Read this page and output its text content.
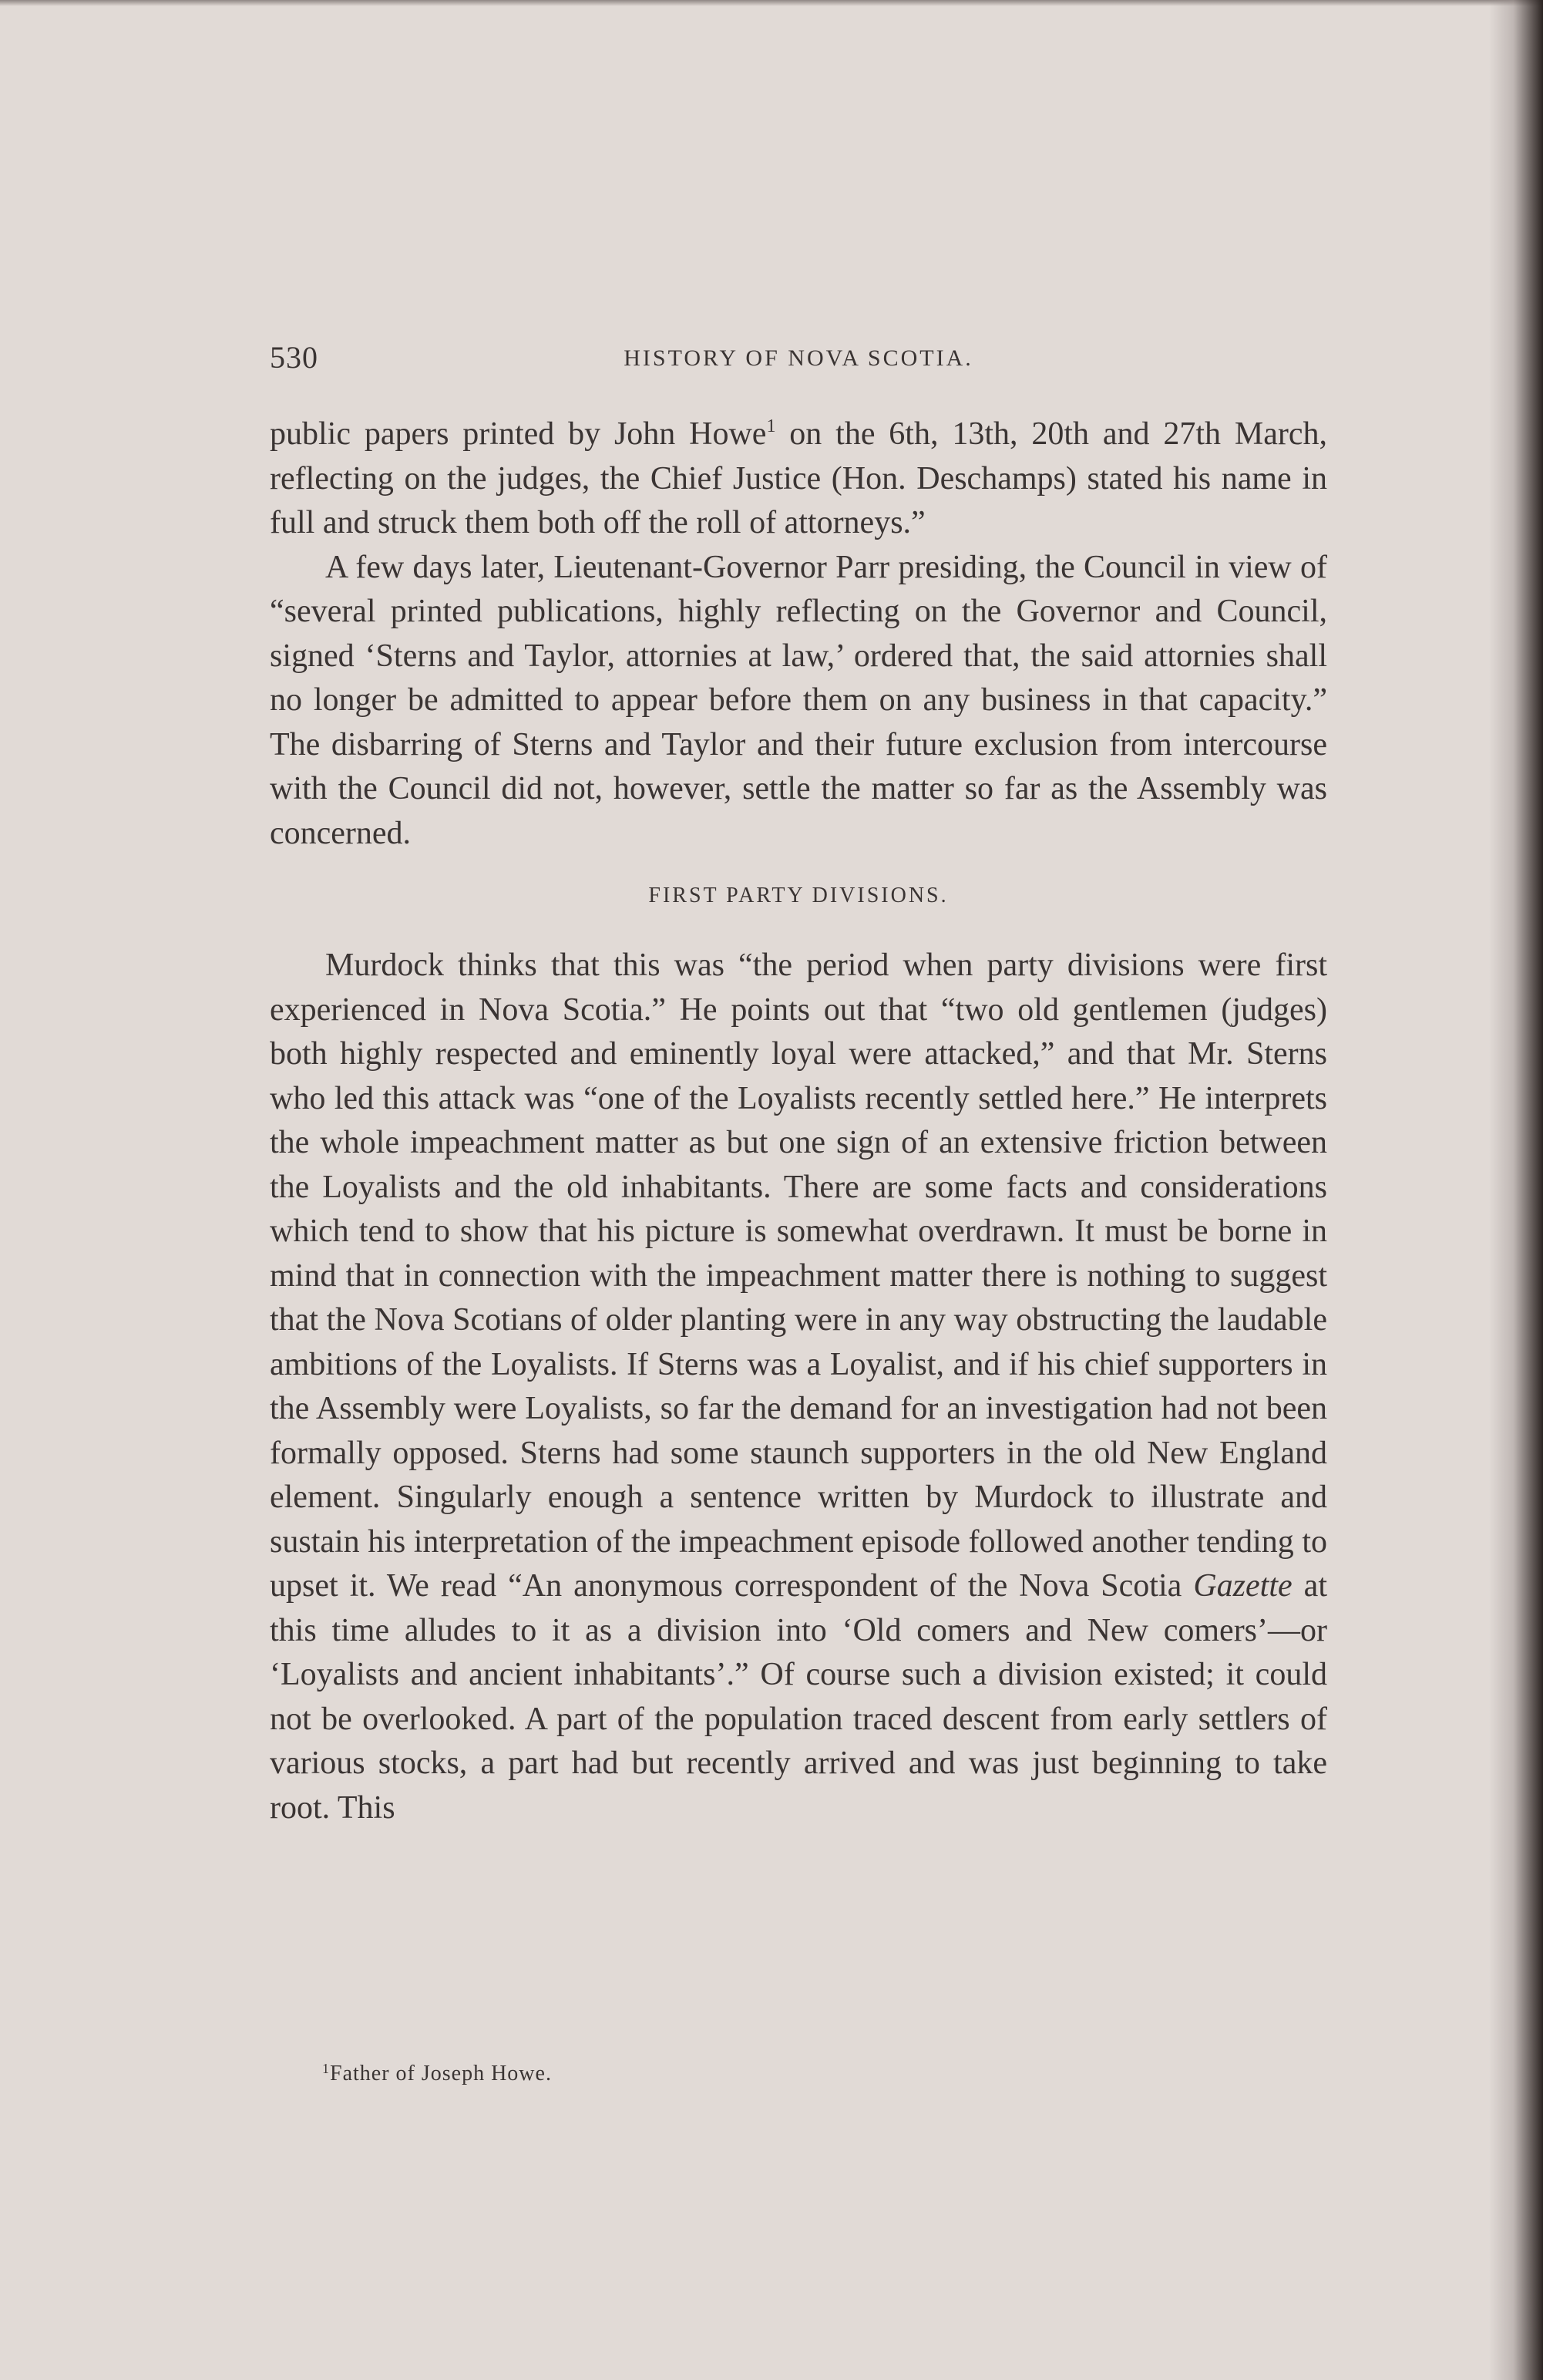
530	HISTORY OF NOVA SCOTIA.

public papers printed by John Howe$^1$ on the 6th, 13th, 20th and 27th March, reflecting on the judges, the Chief Justice (Hon. Deschamps) stated his name in full and struck them both off the roll of attorneys.”

A few days later, Lieutenant-Governor Parr presiding, the Council in view of “several printed publications, highly reflecting on the Governor and Council, signed ‘Sterns and Taylor, attornies at law,’ ordered that, the said attornies shall no longer be admitted to appear before them on any business in that capacity.” The disbarring of Sterns and Taylor and their future exclusion from intercourse with the Council did not, however, settle the matter so far as the Assembly was concerned.

FIRST PARTY DIVISIONS.

Murdock thinks that this was “the period when party divisions were first experienced in Nova Scotia.” He points out that “two old gentlemen (judges) both highly respected and eminently loyal were attacked,” and that Mr. Sterns who led this attack was “one of the Loyalists recently settled here.” He interprets the whole impeachment matter as but one sign of an extensive friction between the Loyalists and the old inhabitants. There are some facts and considerations which tend to show that his picture is somewhat overdrawn. It must be borne in mind that in connection with the impeachment matter there is nothing to suggest that the Nova Scotians of older planting were in any way obstructing the laudable ambitions of the Loyalists. If Sterns was a Loyalist, and if his chief supporters in the Assembly were Loyalists, so far the demand for an investigation had not been formally opposed. Sterns had some staunch supporters in the old New England element. Singularly enough a sentence written by Murdock to illustrate and sustain his interpretation of the impeachment episode followed another tending to upset it. We read “An anonymous correspondent of the Nova Scotia Gazette at this time alludes to it as a division into ‘Old comers and New comers’—or ‘Loyalists and ancient inhabitants’.” Of course such a division existed; it could not be overlooked. A part of the population traced descent from early settlers of various stocks, a part had but recently arrived and was just beginning to take root. This

$^1$Father of Joseph Howe.
